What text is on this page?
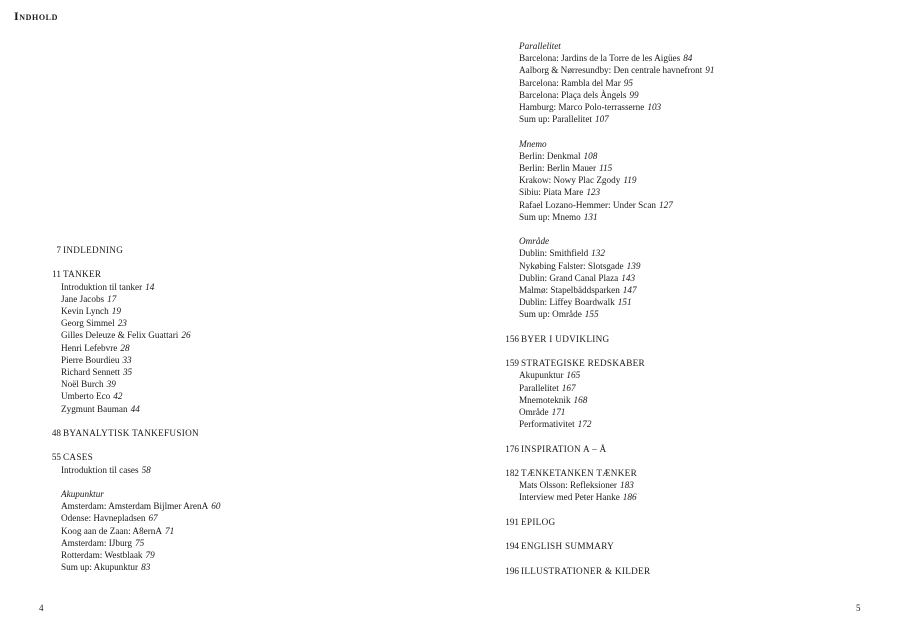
Indhold
7 INDLEDNING
11 TANKER
Introduktion til tanker 14
Jane Jacobs 17
Kevin Lynch 19
Georg Simmel 23
Gilles Deleuze & Felix Guattari 26
Henri Lefebvre 28
Pierre Bourdieu 33
Richard Sennett 35
Noël Burch 39
Umberto Eco 42
Zygmunt Bauman 44
48 BYANALYTISK TANKEFUSION
55 CASES
Introduktion til cases 58
Akupunktur
Amsterdam: Amsterdam Bijlmer ArenA 60
Odense: Havnepladsen 67
Koog aan de Zaan: A8ernA 71
Amsterdam: IJburg 75
Rotterdam: Westblaak 79
Sum up: Akupunktur 83
Parallelitet
Barcelona: Jardins de la Torre de les Aigües 84
Aalborg & Nørresundby: Den centrale havnefront 91
Barcelona: Rambla del Mar 95
Barcelona: Plaça dels Àngels 99
Hamburg: Marco Polo-terrasserne 103
Sum up: Parallelitet 107
Mnemo
Berlin: Denkmal 108
Berlin: Berlin Mauer 115
Krakow: Nowy Plac Zgody 119
Sibiu: Piata Mare 123
Rafael Lozano-Hemmer: Under Scan 127
Sum up: Mnemo 131
Område
Dublin: Smithfield 132
Nykøbing Falster: Slotsgade 139
Dublin: Grand Canal Plaza 143
Malmø: Stapelbäddsparken 147
Dublin: Liffey Boardwalk 151
Sum up: Område 155
156 BYER I UDVIKLING
159 STRATEGISKE REDSKABER
Akupunktur 165
Parallelitet 167
Mnemoteknik 168
Område 171
Performativitet 172
176 INSPIRATION A – Å
182 TÆNKETANKEN TÆNKER
Mats Olsson: Refleksioner 183
Interview med Peter Hanke 186
191 EPILOG
194 ENGLISH SUMMARY
196 ILLUSTRATIONER & KILDER
4	5
